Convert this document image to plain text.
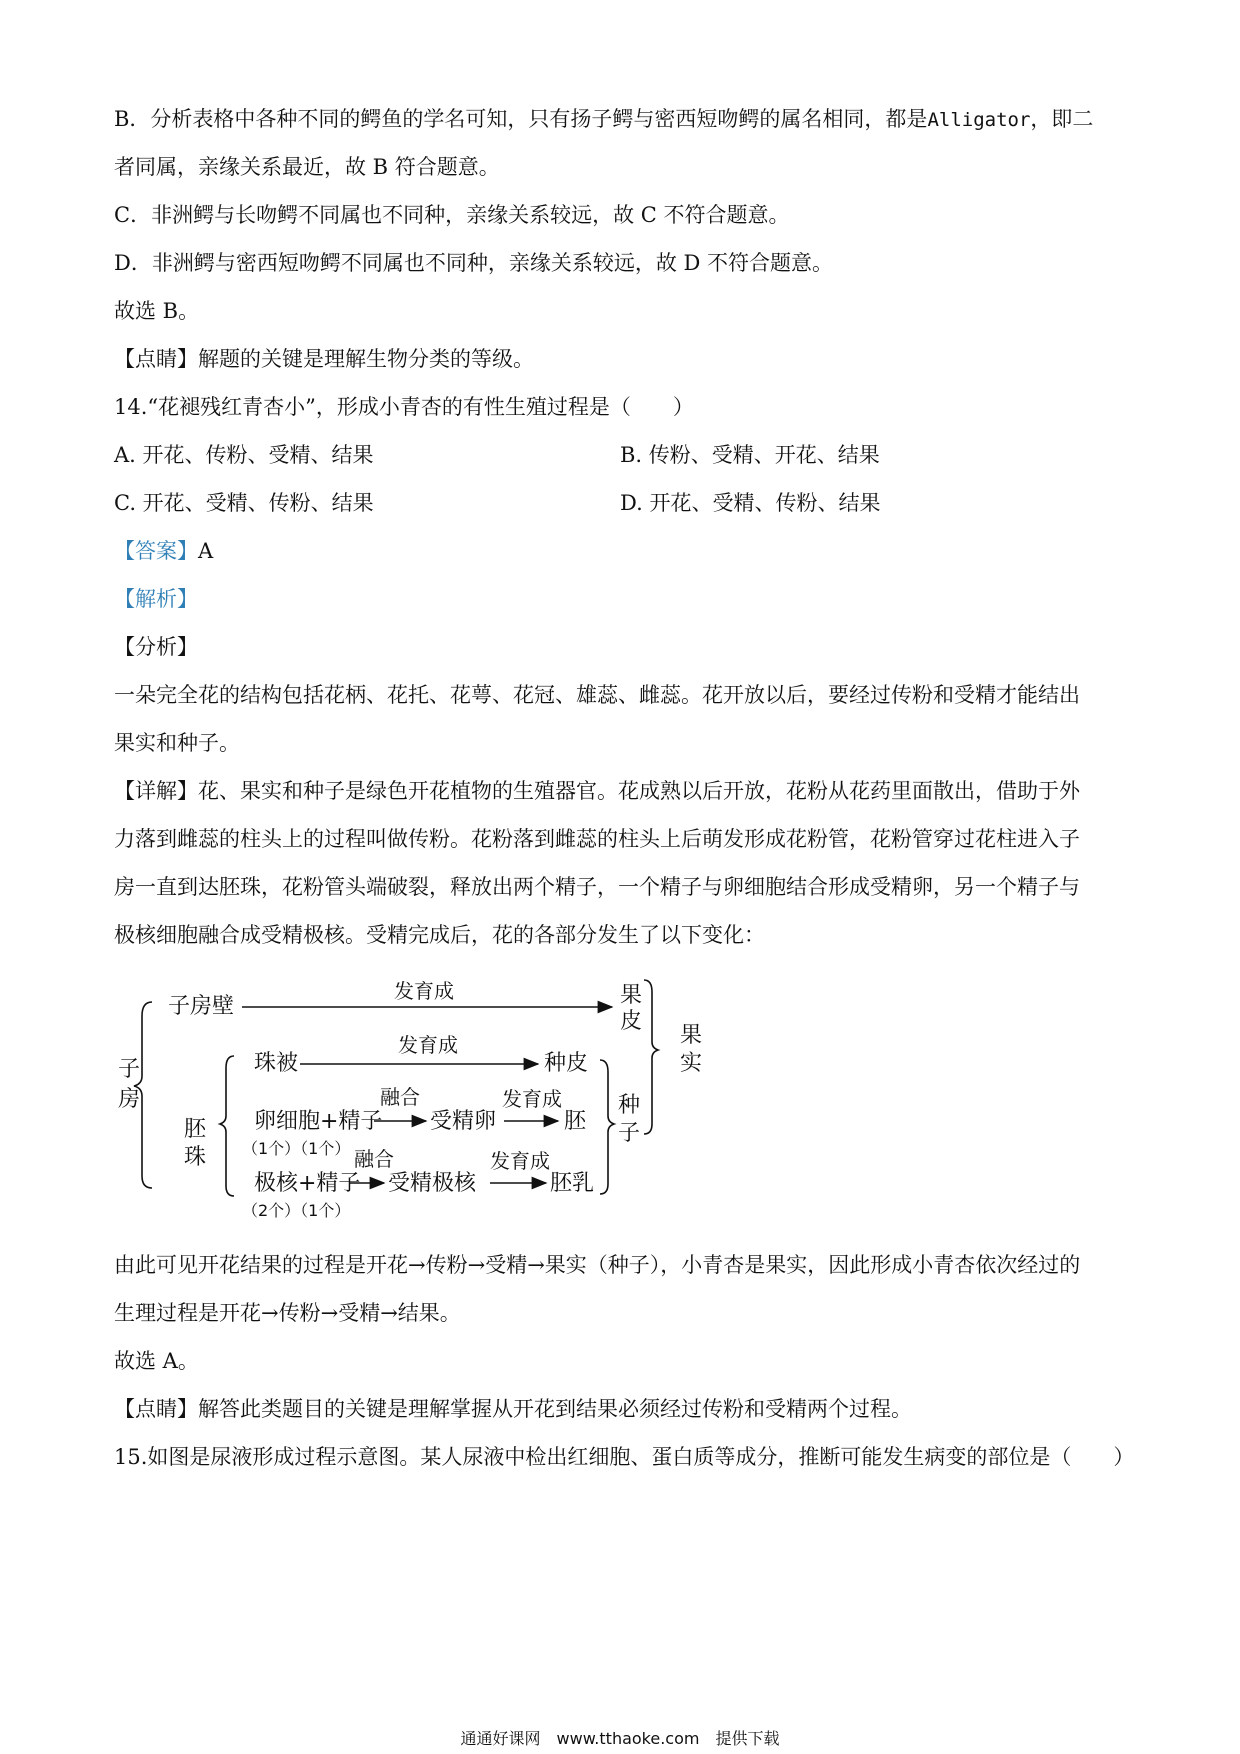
B．分析表格中各种不同的鳄鱼的学名可知，只有扬子鳄与密西短吻鳄的属名相同，都是Alligator，即二
者同属，亲缘关系最近，故 B 符合题意。
C．非洲鳄与长吻鳄不同属也不同种，亲缘关系较远，故 C 不符合题意。
D．非洲鳄与密西短吻鳄不同属也不同种，亲缘关系较远，故 D 不符合题意。
故选 B。
【点睛】解题的关键是理解生物分类的等级。
14.“花褪残红青杏小”，形成小青杏的有性生殖过程是（　　）
A. 开花、传粉、受精、结果	B. 传粉、受精、开花、结果
C. 开花、受精、传粉、结果	D. 开花、受精、传粉、结果
【答案】A
【解析】
【分析】
一朵完全花的结构包括花柄、花托、花萼、花冠、雄蕊、雌蕊。花开放以后，要经过传粉和受精才能结出
果实和种子。
【详解】花、果实和种子是绿色开花植物的生殖器官。花成熟以后开放，花粉从花药里面散出，借助于外
力落到雌蕊的柱头上的过程叫做传粉。花粉落到雌蕊的柱头上后萌发形成花粉管，花粉管穿过花柱进入子
房一直到达胚珠，花粉管头端破裂，释放出两个精子，一个精子与卵细胞结合形成受精卵，另一个精子与
极核细胞融合成受精极核。受精完成后，花的各部分发生了以下变化：
子
房
子房壁
发育成	果
皮
胚
珠
珠被
发育成
种皮
卵细胞+精子
融合
受精卵
发育成
胚
（1个）（1个）
极核+精子
融合
受精极核
发育成
胚乳
（2个）（1个）
种
子
果
实
由此可见开花结果的过程是开花→传粉→受精→果实（种子），小青杏是果实，因此形成小青杏依次经过的
生理过程是开花→传粉→受精→结果。
故选 A。
【点睛】解答此类题目的关键是理解掌握从开花到结果必须经过传粉和受精两个过程。
15.如图是尿液形成过程示意图。某人尿液中检出红细胞、蛋白质等成分，推断可能发生病变的部位是（　　）
通通好课网　www.tthaoke.com　提供下载
